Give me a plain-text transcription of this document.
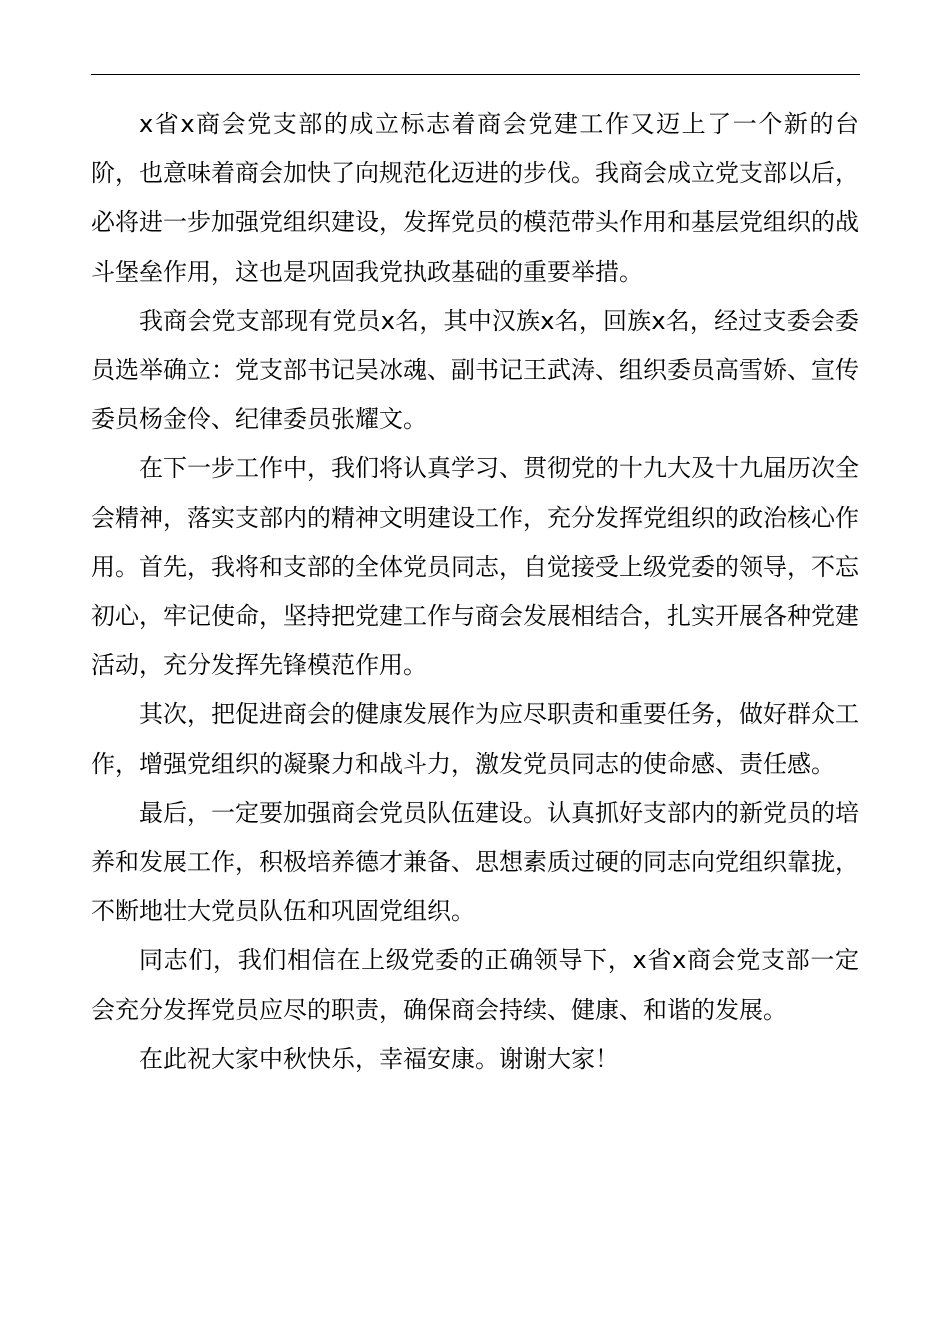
x省x商会党支部的成立标志着商会党建工作又迈上了一个新的台阶，也意味着商会加快了向规范化迈进的步伐。我商会成立党支部以后，必将进一步加强党组织建设，发挥党员的模范带头作用和基层党组织的战斗堡垒作用，这也是巩固我党执政基础的重要举措。

我商会党支部现有党员x名，其中汉族x名，回族x名，经过支委会委员选举确立：党支部书记吴冰魂、副书记王武涛、组织委员高雪娇、宣传委员杨金伶、纪律委员张耀文。

在下一步工作中，我们将认真学习、贯彻党的十九大及十九届历次全会精神，落实支部内的精神文明建设工作，充分发挥党组织的政治核心作用。首先，我将和支部的全体党员同志，自觉接受上级党委的领导，不忘初心，牢记使命，坚持把党建工作与商会发展相结合，扎实开展各种党建活动，充分发挥先锋模范作用。

其次，把促进商会的健康发展作为应尽职责和重要任务，做好群众工作，增强党组织的凝聚力和战斗力，激发党员同志的使命感、责任感。

最后，一定要加强商会党员队伍建设。认真抓好支部内的新党员的培养和发展工作，积极培养德才兼备、思想素质过硬的同志向党组织靠拢，不断地壮大党员队伍和巩固党组织。

同志们，我们相信在上级党委的正确领导下，x省x商会党支部一定会充分发挥党员应尽的职责，确保商会持续、健康、和谐的发展。

在此祝大家中秋快乐，幸福安康。谢谢大家！
